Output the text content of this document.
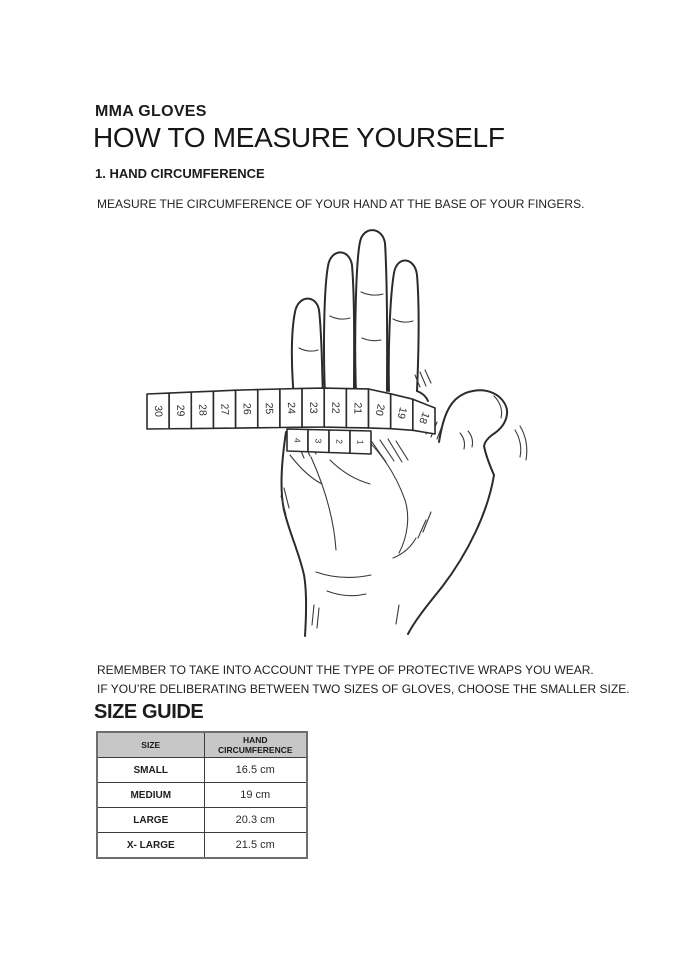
MMA GLOVES
HOW TO MEASURE YOURSELF
1. HAND CIRCUMFERENCE
MEASURE THE CIRCUMFERENCE OF YOUR HAND AT THE BASE OF YOUR FINGERS.
30 29 28 27 26 25 24 23 22 21 20 19 18
4 3 2 1
REMEMBER TO TAKE INTO ACCOUNT THE TYPE OF PROTECTIVE WRAPS YOU WEAR.
IF YOU’RE DELIBERATING BETWEEN TWO SIZES OF GLOVES, CHOOSE THE SMALLER SIZE.
SIZE GUIDE
SIZE	HAND CIRCUMFERENCE
SMALL	16.5 cm
MEDIUM	19 cm
LARGE	20.3 cm
X- LARGE	21.5 cm
